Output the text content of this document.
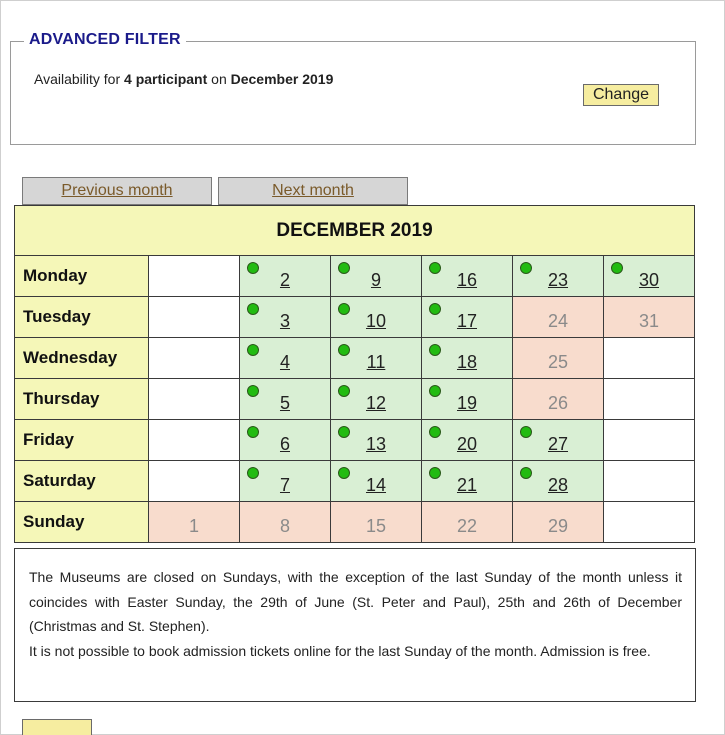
ADVANCED FILTER
Availability for 4 participant on December 2019
Change
Previous month	Next month
DECEMBER 2019						
Monday		2	9	16	23	30
Tuesday		3	10	17	24	31
Wednesday		4	11	18	25	
Thursday		5	12	19	26	
Friday		6	13	20	27	
Saturday		7	14	21	28	
Sunday	1	8	15	22	29	

The Museums are closed on Sundays, with the exception of the last Sunday of the month unless it coincides with Easter Sunday, the 29th of June (St. Peter and Paul), 25th and 26th of December (Christmas and St. Stephen).

It is not possible to book admission tickets online for the last Sunday of the month. Admission is free.
